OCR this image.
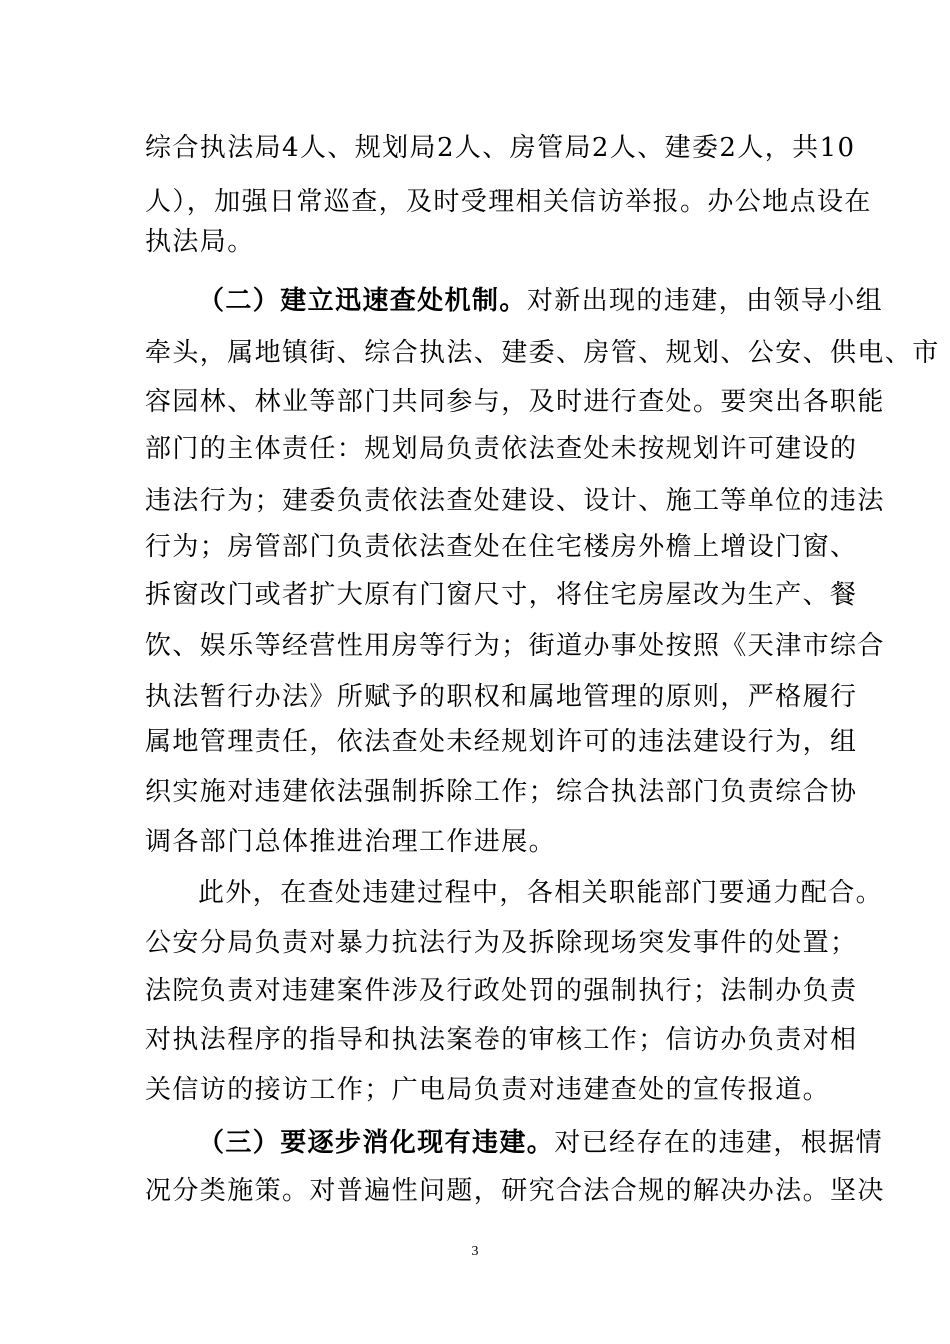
综合执法局4人、规划局2人、房管局2人、建委2人，共10
人），加强日常巡查，及时受理相关信访举报。办公地点设在
执法局。
（二）建立迅速查处机制。对新出现的违建，由领导小组
牵头，属地镇街、综合执法、建委、房管、规划、公安、供电、市
容园林、林业等部门共同参与，及时进行查处。要突出各职能
部门的主体责任：规划局负责依法查处未按规划许可建设的
违法行为；建委负责依法查处建设、设计、施工等单位的违法
行为；房管部门负责依法查处在住宅楼房外檐上增设门窗、
拆窗改门或者扩大原有门窗尺寸，将住宅房屋改为生产、餐
饮、娱乐等经营性用房等行为；街道办事处按照《天津市综合
执法暂行办法》所赋予的职权和属地管理的原则，严格履行
属地管理责任，依法查处未经规划许可的违法建设行为，组
织实施对违建依法强制拆除工作；综合执法部门负责综合协
调各部门总体推进治理工作进展。
此外，在查处违建过程中，各相关职能部门要通力配合。
公安分局负责对暴力抗法行为及拆除现场突发事件的处置；
法院负责对违建案件涉及行政处罚的强制执行；法制办负责
对执法程序的指导和执法案卷的审核工作；信访办负责对相
关信访的接访工作；广电局负责对违建查处的宣传报道。
（三）要逐步消化现有违建。对已经存在的违建，根据情
况分类施策。对普遍性问题，研究合法合规的解决办法。坚决
3
